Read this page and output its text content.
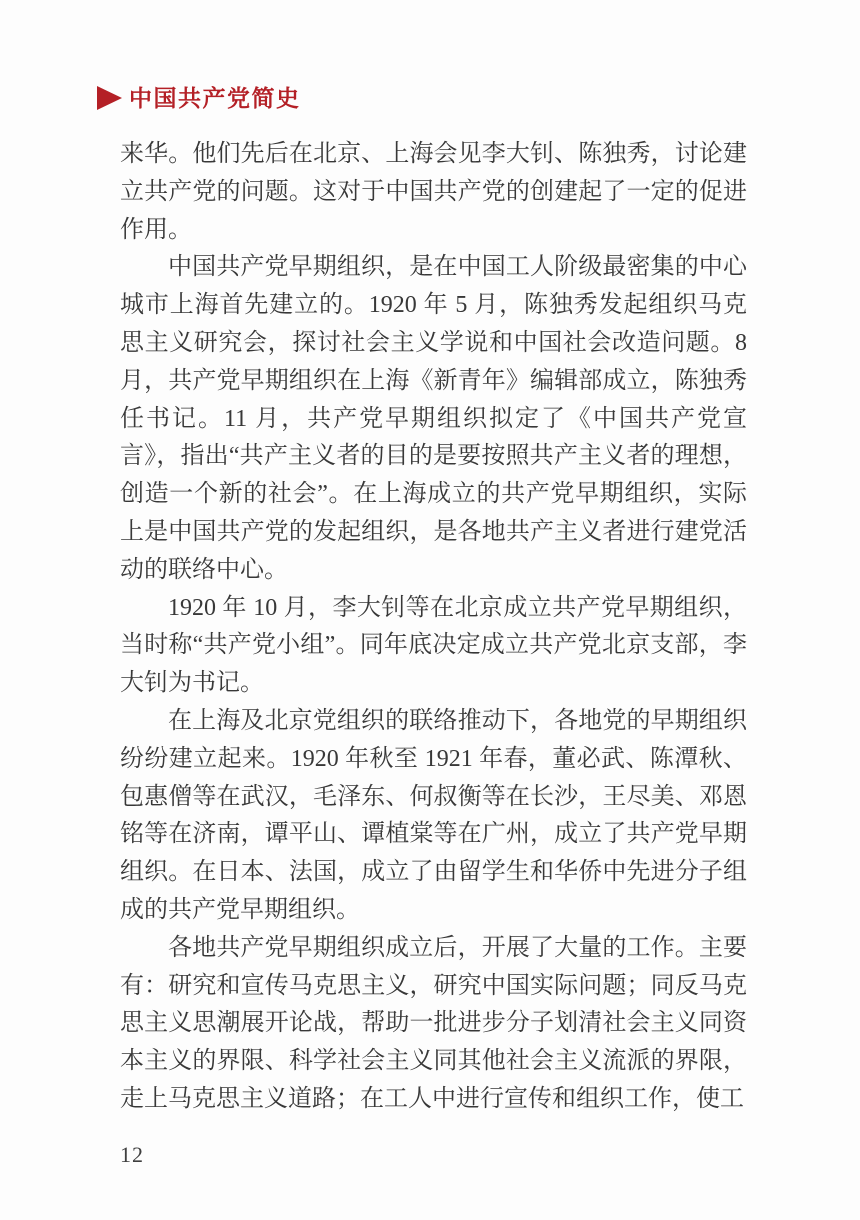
中国共产党简史

来华。他们先后在北京、上海会见李大钊、陈独秀，讨论建立共产党的问题。这对于中国共产党的创建起了一定的促进作用。

中国共产党早期组织，是在中国工人阶级最密集的中心城市上海首先建立的。1920 年 5 月，陈独秀发起组织马克思主义研究会，探讨社会主义学说和中国社会改造问题。8 月，共产党早期组织在上海《新青年》编辑部成立，陈独秀任书记。11 月，共产党早期组织拟定了《中国共产党宣言》，指出“共产主义者的目的是要按照共产主义者的理想，创造一个新的社会”。在上海成立的共产党早期组织，实际上是中国共产党的发起组织，是各地共产主义者进行建党活动的联络中心。

1920 年 10 月，李大钊等在北京成立共产党早期组织，当时称“共产党小组”。同年底决定成立共产党北京支部，李大钊为书记。

在上海及北京党组织的联络推动下，各地党的早期组织纷纷建立起来。1920 年秋至 1921 年春，董必武、陈潭秋、包惠僧等在武汉，毛泽东、何叔衡等在长沙，王尽美、邓恩铭等在济南，谭平山、谭植棠等在广州，成立了共产党早期组织。在日本、法国，成立了由留学生和华侨中先进分子组成的共产党早期组织。

各地共产党早期组织成立后，开展了大量的工作。主要有：研究和宣传马克思主义，研究中国实际问题；同反马克思主义思潮展开论战，帮助一批进步分子划清社会主义同资本主义的界限、科学社会主义同其他社会主义流派的界限，走上马克思主义道路；在工人中进行宣传和组织工作，使工

12
